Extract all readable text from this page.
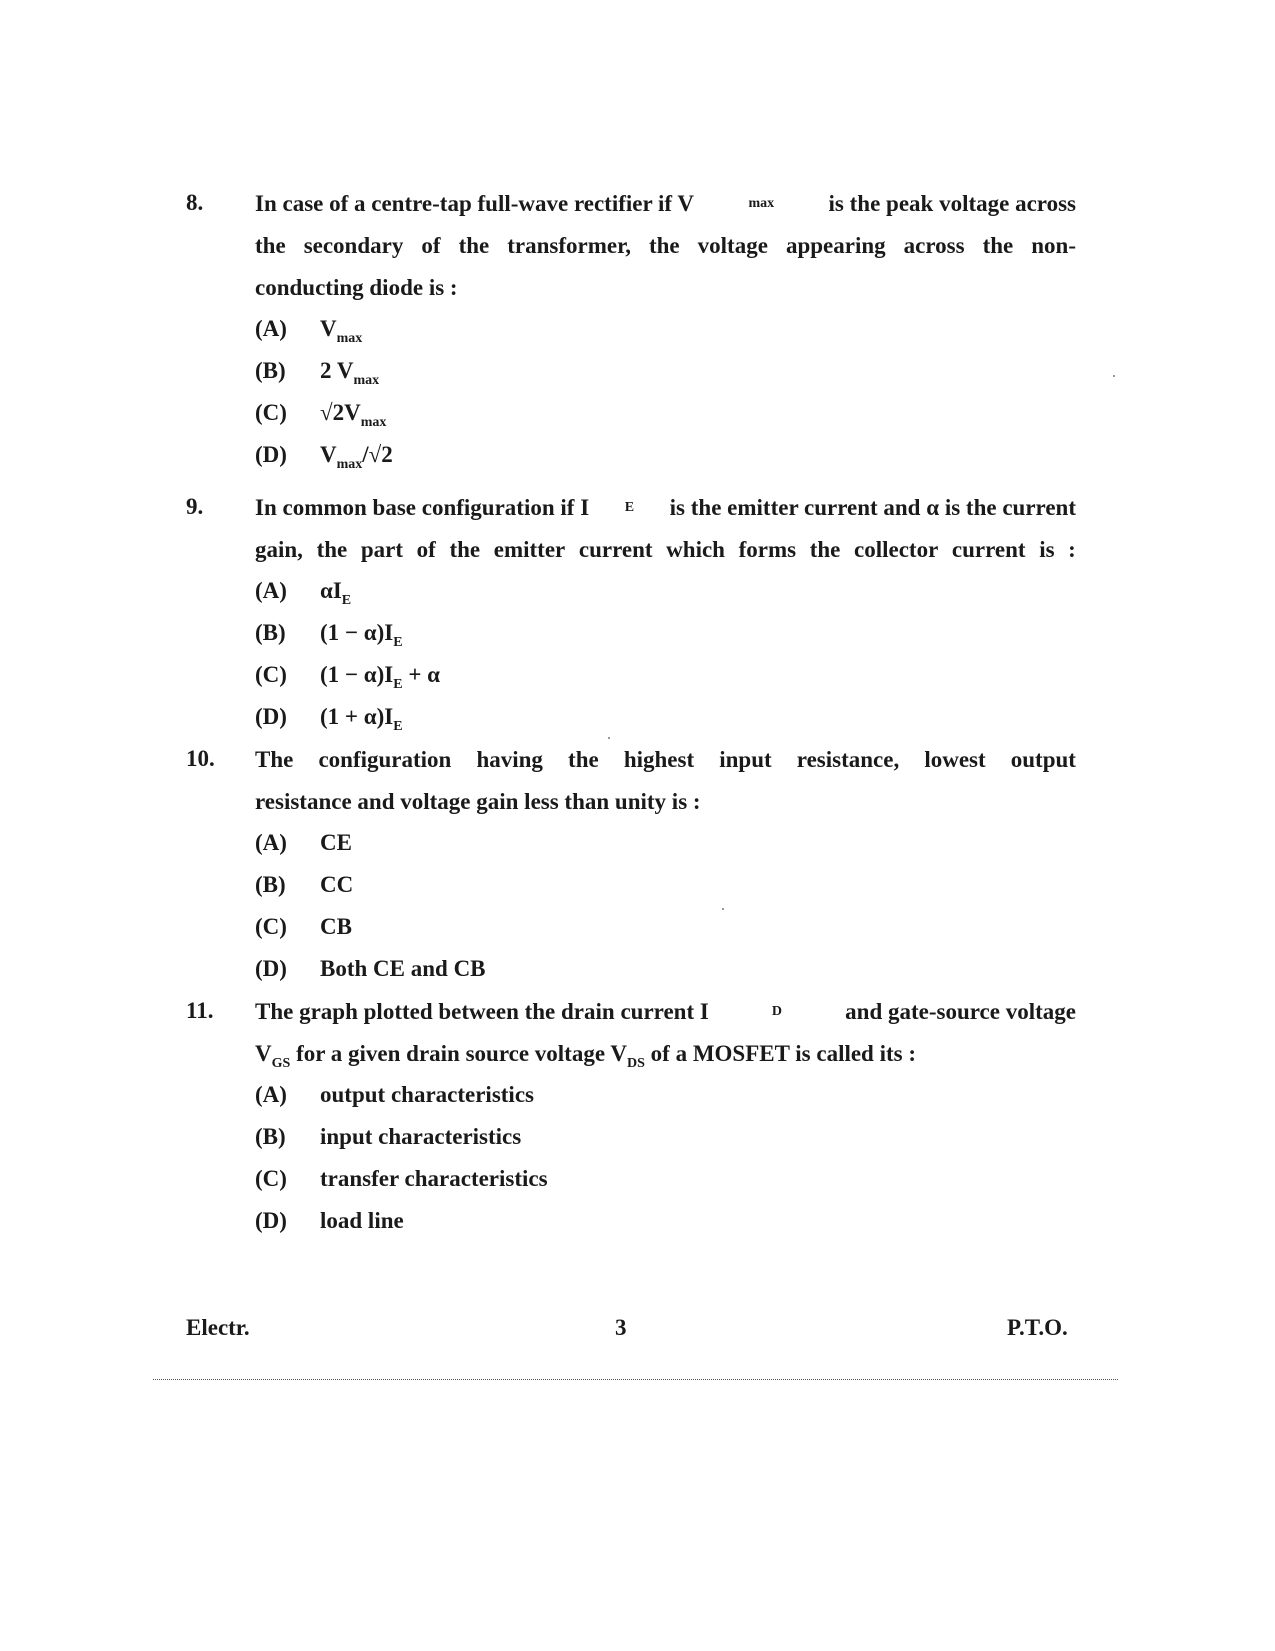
8. In case of a centre-tap full-wave rectifier if V	max is the peak voltage across
the secondary of the transformer, the voltage appearing across the non-
conducting diode is :
(A) $V_{max}$
(B) 2 $V_{max}$
(C) $√2V_{max}$
(D) $V_{max}/√2$
9. In common base configuration if I	E is the emitter current and α is the current
gain, the part of the emitter current which forms the collector current is :
(A) $\alpha I_E$
(B) $(1 - \alpha)I_E$
(C) $(1 - \alpha)I_E + \alpha$
(D) $(1 + \alpha)I_E$
10. The configuration having the highest input resistance, lowest output
resistance and voltage gain less than unity is :
(A) CE
(B) CC
(C) CB
(D) Both CE and CB
11. The graph plotted between the drain current I	D	and gate-source voltage
$V_{GS}$ for a given drain source voltage $V_{DS}$ of a MOSFET is called its :
(A) output characteristics
(B) input characteristics
(C) transfer characteristics
(D) load line
Electr.	3	P.T.O.
